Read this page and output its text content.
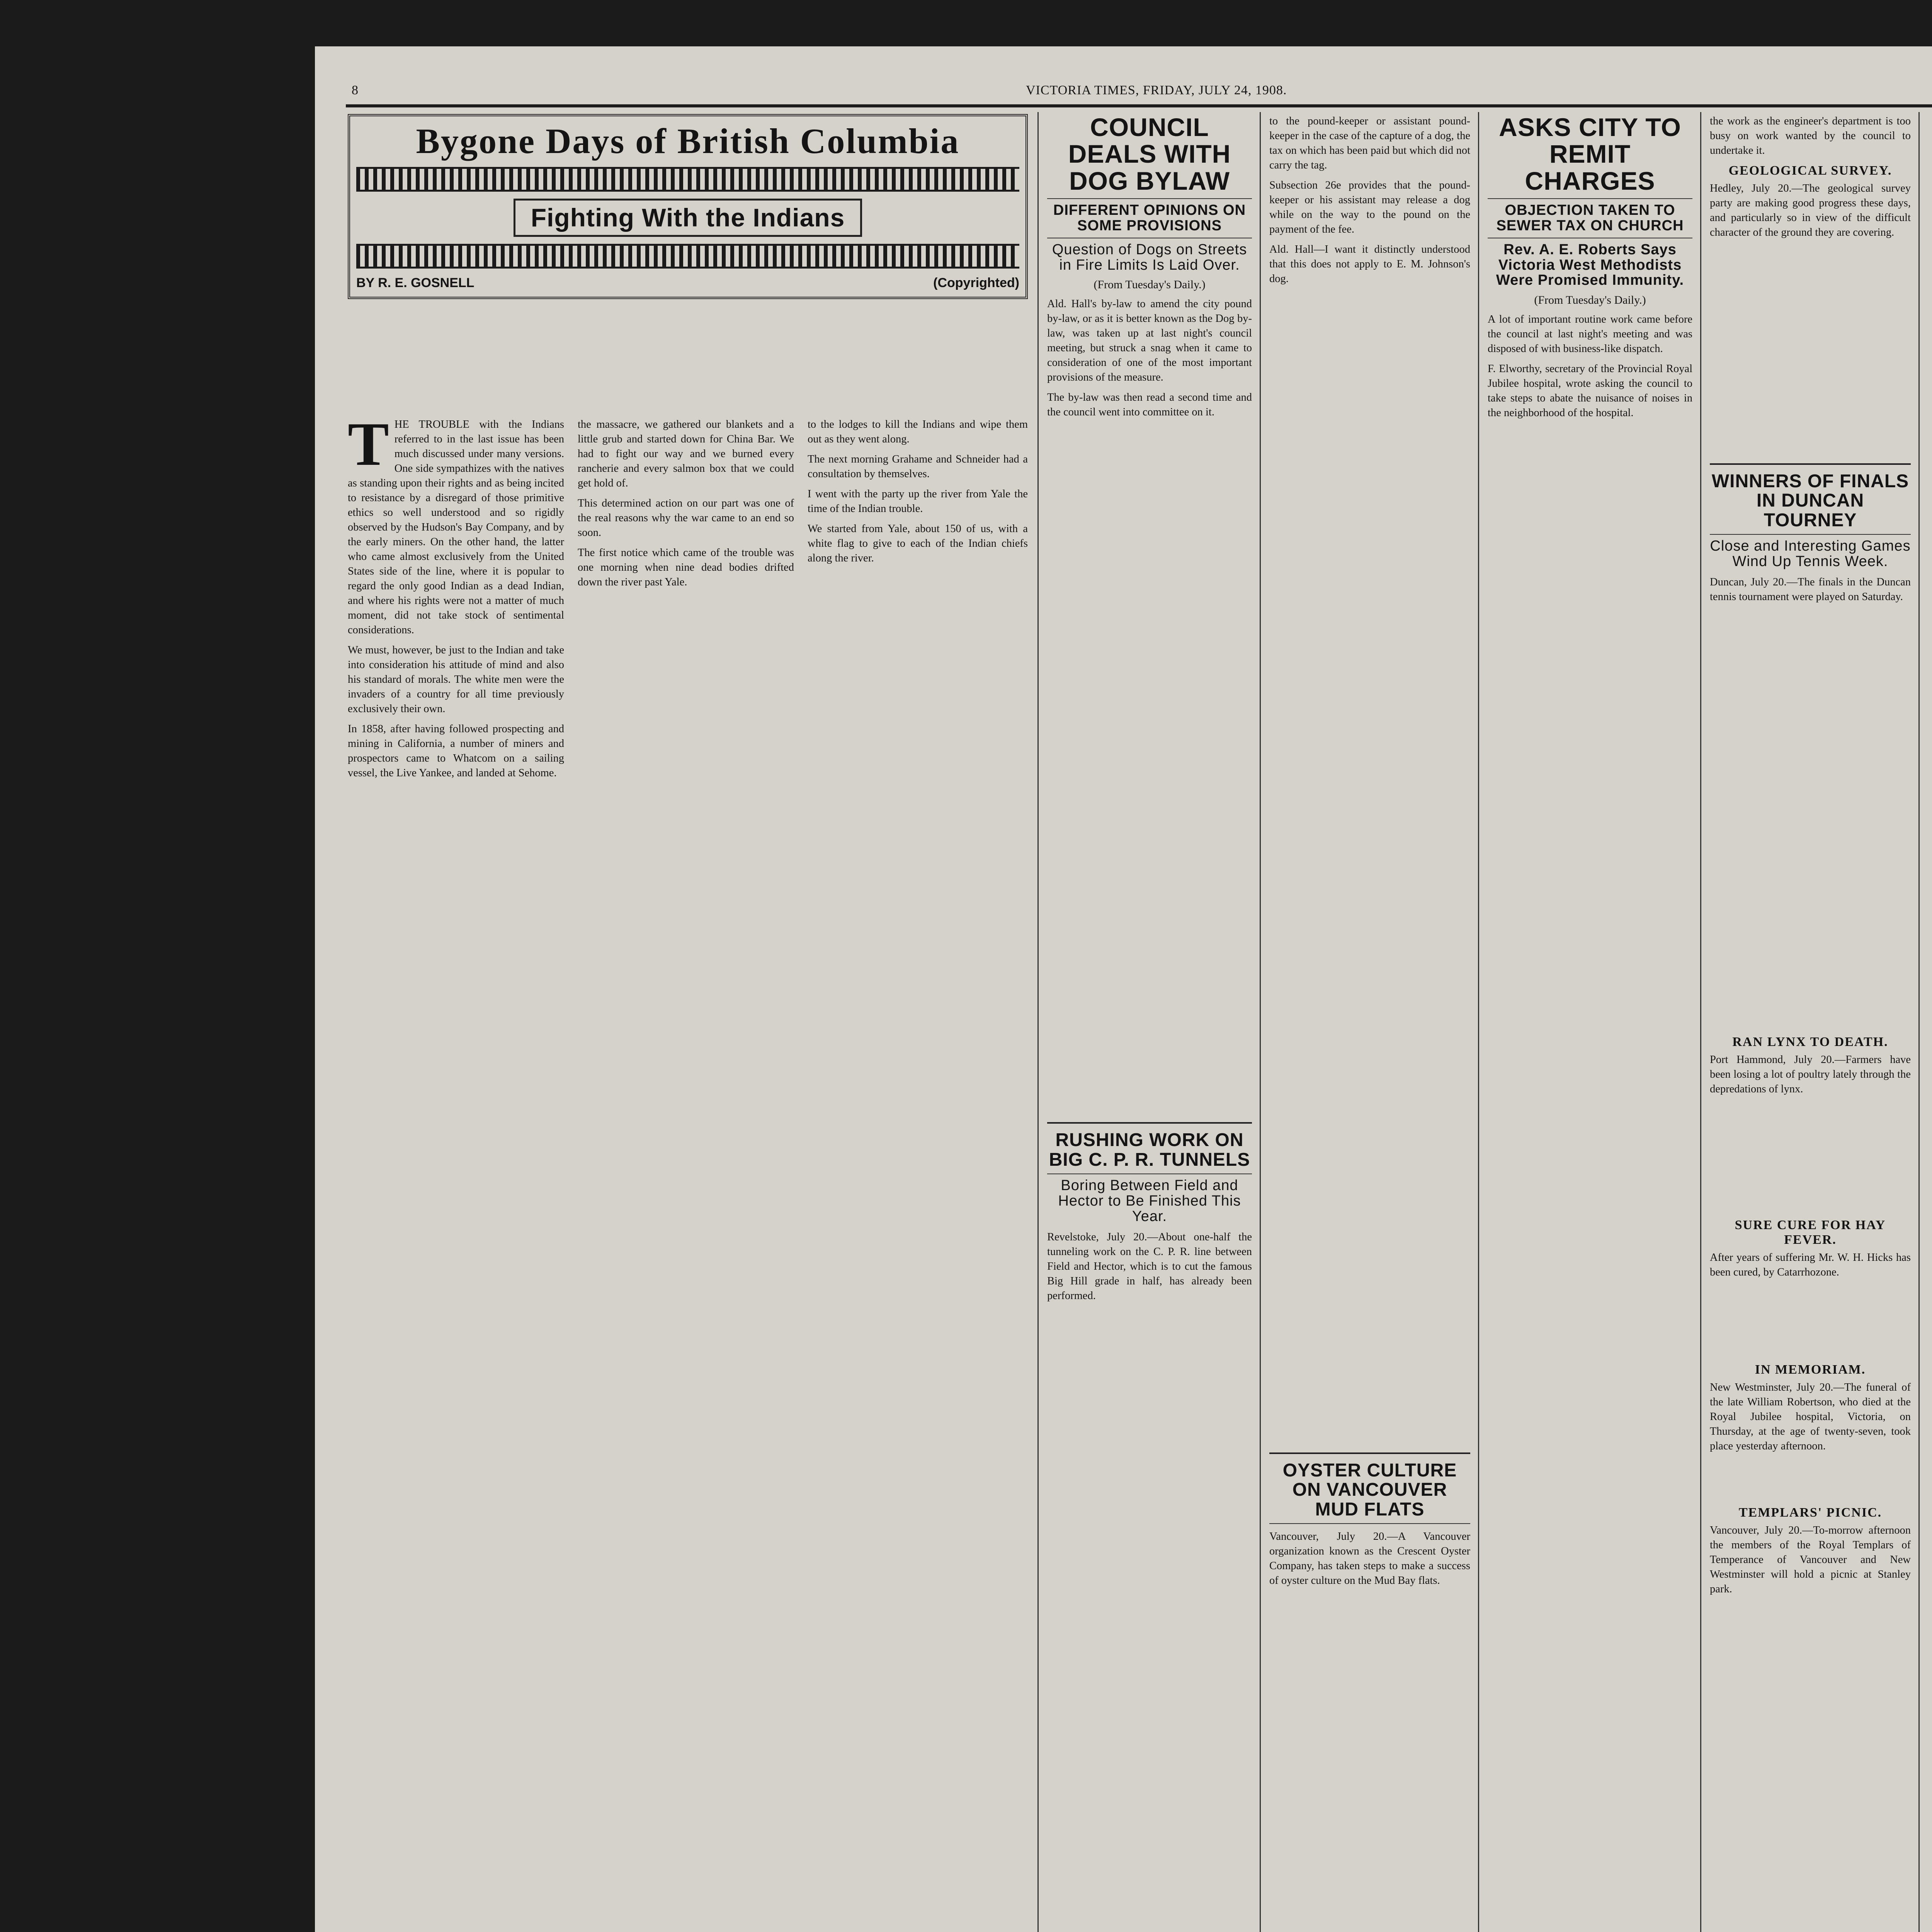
8	VICTORIA TIMES, FRIDAY, JULY 24, 1908.
Bygone Days of British Columbia
Fighting With the Indians
BY R. E. GOSNELL	(Copyrighted)

THE TROUBLE with the Indians referred to in the last issue has been much discussed under many versions. One side sympathizes with the natives as standing upon their rights and as being incited to resistance by a disregard of those primitive ethics so well understood and so rigidly observed by the Hudson's Bay Company, and by the early miners. On the other hand, the latter who came almost exclusively from the United States side of the line, where it is popular to regard the only good Indian as a dead Indian, and where his rights were not a matter of much moment, did not take stock of sentimental considerations.

We must, however, be just to the Indian and take into consideration his attitude of mind and also his standard of morals. The white men were the invaders of a country for all time previously exclusively their own.

In 1858, after having followed prospecting and mining in California, a number of miners and prospectors came to Whatcom on a sailing vessel, the Live Yankee, and landed at Sehome.

the massacre, we gathered our blankets and a little grub and started down for China Bar. We had to fight our way and we burned every rancherie and every salmon box that we could get hold of.

This determined action on our part was one of the real reasons why the war came to an end so soon.

The first notice which came of the trouble was one morning when nine dead bodies drifted down the river past Yale.

to the lodges to kill the Indians and wipe them out as they went along.

The next morning Grahame and Schneider had a consultation by themselves.

I went with the party up the river from Yale the time of the Indian trouble.

We started from Yale, about 150 of us, with a white flag to give to each of the Indian chiefs along the river.

COUNCIL DEALS WITH DOG BYLAW
DIFFERENT OPINIONS ON SOME PROVISIONS
Question of Dogs on Streets in Fire Limits Is Laid Over.
(From Tuesday's Daily.)

Ald. Hall's by-law to amend the city pound by-law, or as it is better known as the Dog by-law, was taken up at last night's council meeting, but struck a snag when it came to consideration of one of the most important provisions of the measure.

The by-law was then read a second time and the council went into committee on it.

RUSHING WORK ON BIG C. P. R. TUNNELS
Boring Between Field and Hector to Be Finished This Year.

Revelstoke, July 20.—About one-half the tunneling work on the C. P. R. line between Field and Hector, which is to cut the famous Big Hill grade in half, has already been performed.

to the pound-keeper or assistant pound-keeper in the case of the capture of a dog, the tax on which has been paid but which did not carry the tag.

Subsection 26e provides that the pound-keeper or his assistant may release a dog while on the way to the pound on the payment of the fee.

Ald. Hall—I want it distinctly understood that this does not apply to E. M. Johnson's dog.

OYSTER CULTURE ON VANCOUVER MUD FLATS

Vancouver, July 20.—A Vancouver organization known as the Crescent Oyster Company, has taken steps to make a success of oyster culture on the Mud Bay flats.

ASKS CITY TO REMIT CHARGES
OBJECTION TAKEN TO SEWER TAX ON CHURCH
Rev. A. E. Roberts Says Victoria West Methodists Were Promised Immunity.
(From Tuesday's Daily.)

A lot of important routine work came before the council at last night's meeting and was disposed of with business-like dispatch.

F. Elworthy, secretary of the Provincial Royal Jubilee hospital, wrote asking the council to take steps to abate the nuisance of noises in the neighborhood of the hospital.

the work as the engineer's department is too busy on work wanted by the council to undertake it.

GEOLOGICAL SURVEY.

Hedley, July 20.—The geological survey party are making good progress these days, and particularly so in view of the difficult character of the ground they are covering.

WINNERS OF FINALS IN DUNCAN TOURNEY
Close and Interesting Games Wind Up Tennis Week.

Duncan, July 20.—The finals in the Duncan tennis tournament were played on Saturday.

RAN LYNX TO DEATH.

Port Hammond, July 20.—Farmers have been losing a lot of poultry lately through the depredations of lynx.

SURE CURE FOR HAY FEVER.

After years of suffering Mr. W. H. Hicks has been cured, by Catarrhozone.

IN MEMORIAM.

New Westminster, July 20.—The funeral of the late William Robertson, who died at the Royal Jubilee hospital, Victoria, on Thursday, at the age of twenty-seven, took place yesterday afternoon.

TEMPLARS' PICNIC.

Vancouver, July 20.—To-morrow afternoon the members of the Royal Templars of Temperance of Vancouver and New Westminster will hold a picnic at Stanley park.
